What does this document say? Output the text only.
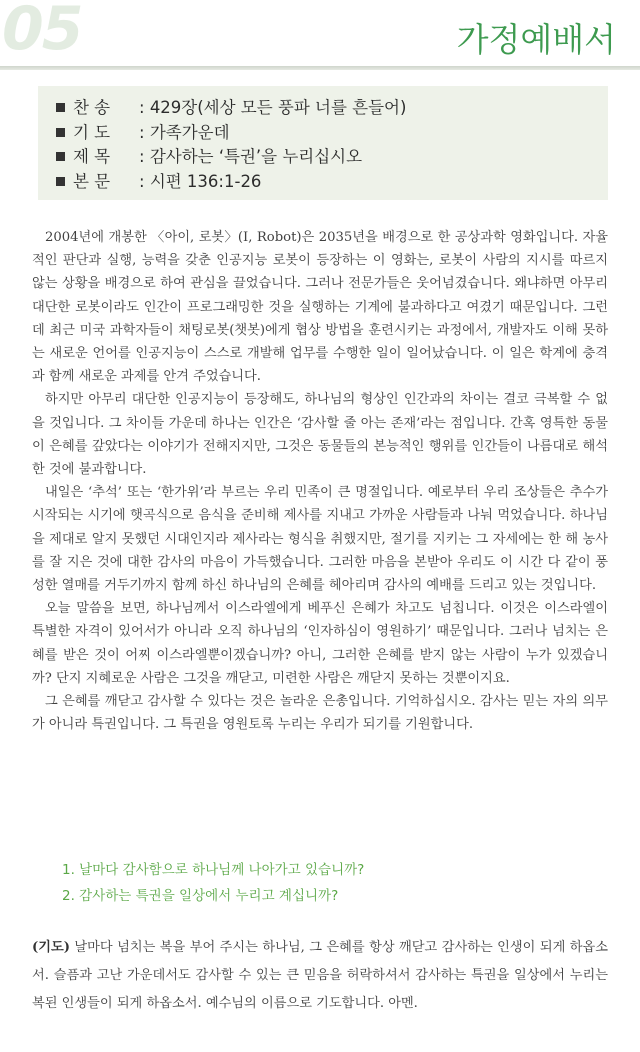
05	가정예배서
찬 송 : 429장(세상 모든 풍파 너를 흔들어)
기 도 : 가족가운데
제 목 : 감사하는 ‘특권’을 누리십시오
본 문 : 시편 136:1-26

2004년에 개봉한 〈아이, 로봇〉(I, Robot)은 2035년을 배경으로 한 공상과학 영화입니다. 자율적인 판단과 실행, 능력을 갖춘 인공지능 로봇이 등장하는 이 영화는, 로봇이 사람의 지시를 따르지 않는 상황을 배경으로 하여 관심을 끌었습니다. 그러나 전문가들은 웃어넘겼습니다. 왜냐하면 아무리 대단한 로봇이라도 인간이 프로그래밍한 것을 실행하는 기계에 불과하다고 여겼기 때문입니다. 그런데 최근 미국 과학자들이 채팅로봇(챗봇)에게 협상 방법을 훈련시키는 과정에서, 개발자도 이해 못하는 새로운 언어를 인공지능이 스스로 개발해 업무를 수행한 일이 일어났습니다. 이 일은 학계에 충격과 함께 새로운 과제를 안겨 주었습니다.

하지만 아무리 대단한 인공지능이 등장해도, 하나님의 형상인 인간과의 차이는 결코 극복할 수 없을 것입니다. 그 차이들 가운데 하나는 인간은 ‘감사할 줄 아는 존재’라는 점입니다. 간혹 영특한 동물이 은혜를 갚았다는 이야기가 전해지지만, 그것은 동물들의 본능적인 행위를 인간들이 나름대로 해석한 것에 불과합니다.

내일은 ‘추석’ 또는 ‘한가위’라 부르는 우리 민족이 큰 명절입니다. 예로부터 우리 조상들은 추수가 시작되는 시기에 햇곡식으로 음식을 준비해 제사를 지내고 가까운 사람들과 나눠 먹었습니다. 하나님을 제대로 알지 못했던 시대인지라 제사라는 형식을 취했지만, 절기를 지키는 그 자세에는 한 해 농사를 잘 지은 것에 대한 감사의 마음이 가득했습니다. 그러한 마음을 본받아 우리도 이 시간 다 같이 풍성한 열매를 거두기까지 함께 하신 하나님의 은혜를 헤아리며 감사의 예배를 드리고 있는 것입니다.

오늘 말씀을 보면, 하나님께서 이스라엘에게 베푸신 은혜가 차고도 넘칩니다. 이것은 이스라엘이 특별한 자격이 있어서가 아니라 오직 하나님의 ‘인자하심이 영원하기’ 때문입니다. 그러나 넘치는 은혜를 받은 것이 어찌 이스라엘뿐이겠습니까? 아니, 그러한 은혜를 받지 않는 사람이 누가 있겠습니까? 단지 지혜로운 사람은 그것을 깨닫고, 미련한 사람은 깨닫지 못하는 것뿐이지요.

그 은혜를 깨닫고 감사할 수 있다는 것은 놀라운 은총입니다. 기억하십시오. 감사는 믿는 자의 의무가 아니라 특권입니다. 그 특권을 영원토록 누리는 우리가 되기를 기원합니다.

1. 날마다 감사함으로 하나님께 나아가고 있습니까?
2. 감사하는 특권을 일상에서 누리고 계십니까?
(기도) 날마다 넘치는 복을 부어 주시는 하나님, 그 은혜를 항상 깨닫고 감사하는 인생이 되게 하옵소서. 슬픔과 고난 가운데서도 감사할 수 있는 큰 믿음을 허락하셔서 감사하는 특권을 일상에서 누리는 복된 인생들이 되게 하옵소서. 예수님의 이름으로 기도합니다. 아멘.
